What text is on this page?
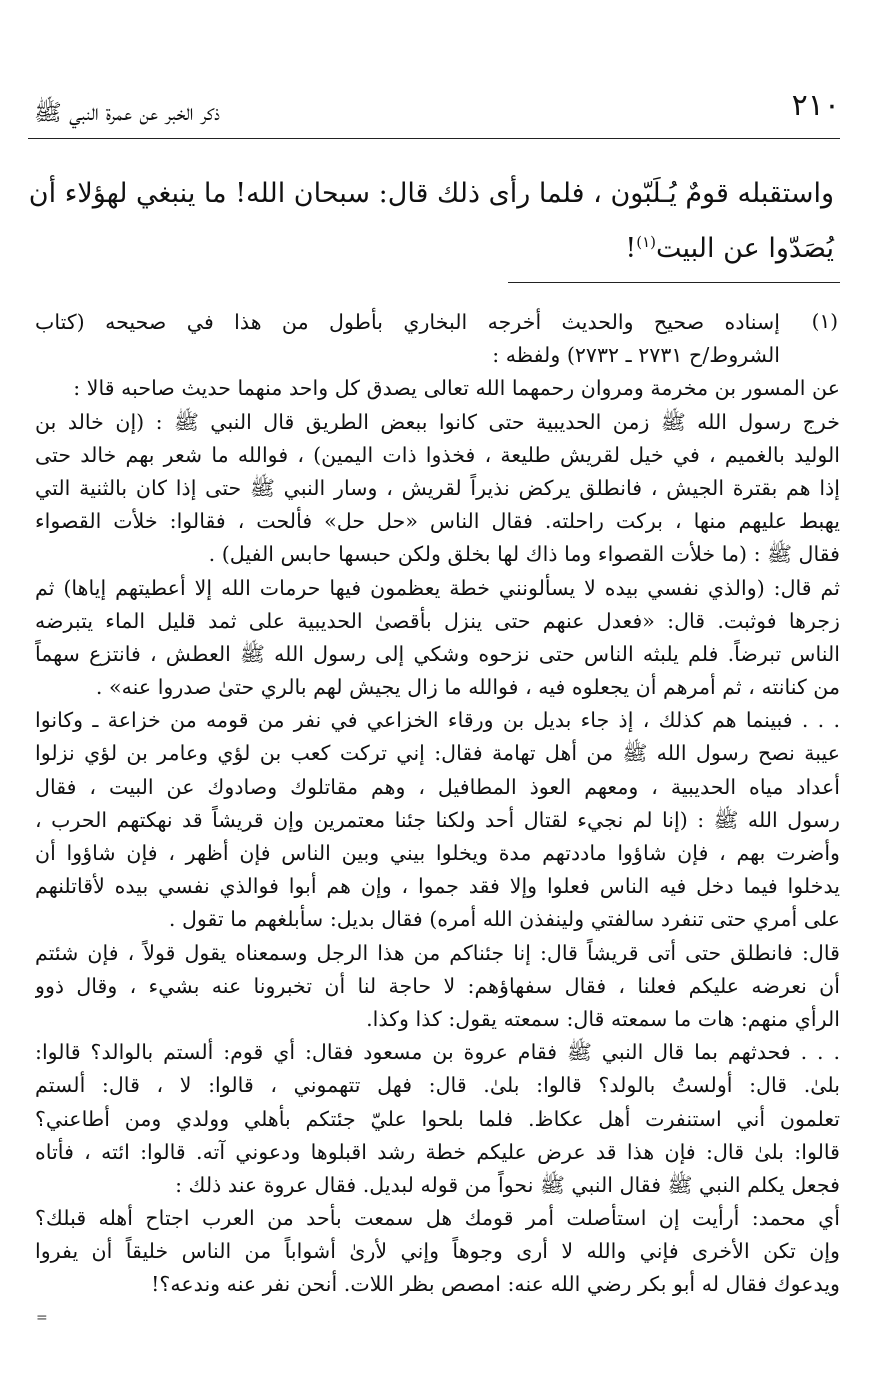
٢١٠
ذكر الخبر عن عمرة النبي ﷺ
واستقبله قومٌ يُـلَبّون ، فلما رأى ذلك قال: سبحان الله! ما ينبغي لهؤلاء أن
يُصَدّوا عن البيت$^{(١)}$!
(١)
إسناده صحيح والحديث أخرجه البخاري بأطول من هذا في صحيحه (كتاب
الشروط/ح ٢٧٣١ ـ ٢٧٣٢) ولفظه :
عن المسور بن مخرمة ومروان رحمهما الله تعالى يصدق كل واحد منهما حديث صاحبه قالا :
خرج رسول الله ﷺ زمن الحديبية حتى كانوا ببعض الطريق قال النبي ﷺ : (إن خالد بن
الوليد بالغميم ، في خيل لقريش طليعة ، فخذوا ذات اليمين) ، فوالله ما شعر بهم خالد حتى
إذا هم بقترة الجيش ، فانطلق يركض نذيراً لقريش ، وسار النبي ﷺ حتى إذا كان بالثنية التي
يهبط عليهم منها ، بركت راحلته. فقال الناس «حل حل» فألحت ، فقالوا: خلأت القصواء
فقال ﷺ : (ما خلأت القصواء وما ذاك لها بخلق ولكن حبسها حابس الفيل) .
ثم قال: (والذي نفسي بيده لا يسألونني خطة يعظمون فيها حرمات الله إلا أعطيتهم إياها) ثم
زجرها فوثبت. قال: «فعدل عنهم حتى ينزل بأقصىٰ الحديبية على ثمد قليل الماء يتبرضه
الناس تبرضاً. فلم يلبثه الناس حتى نزحوه وشكي إلى رسول الله ﷺ العطش ، فانتزع سهماً
من كنانته ، ثم أمرهم أن يجعلوه فيه ، فوالله ما زال يجيش لهم بالري حتىٰ صدروا عنه» .
. . . فبينما هم كذلك ، إذ جاء بديل بن ورقاء الخزاعي في نفر من قومه من خزاعة ـ وكانوا
عيبة نصح رسول الله ﷺ من أهل تهامة فقال: إني تركت كعب بن لؤي وعامر بن لؤي نزلوا
أعداد مياه الحديبية ، ومعهم العوذ المطافيل ، وهم مقاتلوك وصادوك عن البيت ، فقال
رسول الله ﷺ : (إنا لم نجيء لقتال أحد ولكنا جئنا معتمرين وإن قريشاً قد نهكتهم الحرب ،
وأضرت بهم ، فإن شاؤوا ماددتهم مدة ويخلوا بيني وبين الناس فإن أظهر ، فإن شاؤوا أن
يدخلوا فيما دخل فيه الناس فعلوا وإلا فقد جموا ، وإن هم أبوا فوالذي نفسي بيده لأقاتلنهم
على أمري حتى تنفرد سالفتي ولينفذن الله أمره) فقال بديل: سأبلغهم ما تقول .
قال: فانطلق حتى أتى قريشاً قال: إنا جئناكم من هذا الرجل وسمعناه يقول قولاً ، فإن شئتم
أن نعرضه عليكم فعلنا ، فقال سفهاؤهم: لا حاجة لنا أن تخبرونا عنه بشيء ، وقال ذوو
الرأي منهم: هات ما سمعته قال: سمعته يقول: كذا وكذا.
. . . فحدثهم بما قال النبي ﷺ فقام عروة بن مسعود فقال: أي قوم: ألستم بالوالد؟ قالوا:
بلىٰ. قال: أولستُ بالولد؟ قالوا: بلىٰ. قال: فهل تتهموني ، قالوا: لا ، قال: ألستم
تعلمون أني استنفرت أهل عكاظ. فلما بلحوا عليّ جئتكم بأهلي وولدي ومن أطاعني؟
قالوا: بلىٰ قال: فإن هذا قد عرض عليكم خطة رشد اقبلوها ودعوني آته. قالوا: ائته ، فأتاه
فجعل يكلم النبي ﷺ فقال النبي ﷺ نحواً من قوله لبديل. فقال عروة عند ذلك :
أي محمد: أرأيت إن استأصلت أمر قومك هل سمعت بأحد من العرب اجتاح أهله قبلك؟
وإن تكن الأخرى فإني والله لا أرى وجوهاً وإني لأرىٰ أشواباً من الناس خليقاً أن يفروا
ويدعوك فقال له أبو بكر رضي الله عنه: امصص بظر اللات. أنحن نفر عنه وندعه؟!
=
